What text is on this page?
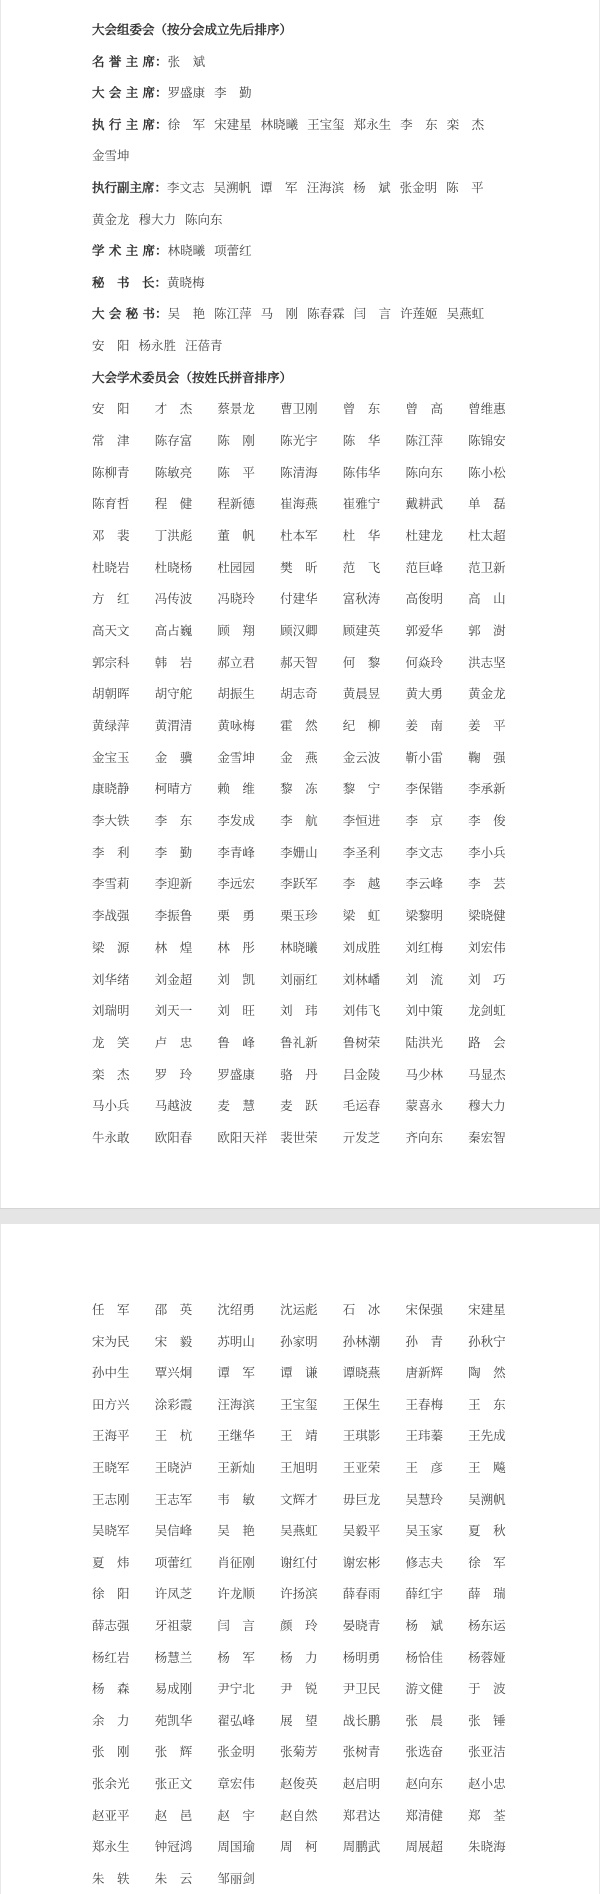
大会组委会（按分会成立先后排序）
名 誉 主 席：张　斌
大 会 主 席：罗盛康 李　勤
执 行 主 席：徐　军 宋建星 林晓曦 王宝玺 郑永生 李　东 栾　杰
金雪坤
执行副主席：李文志 吴溯帆 谭　军 汪海滨 杨　斌 张金明 陈　平
黄金龙 穆大力 陈向东
学 术 主 席：林晓曦 项蕾红
秘　书　长：黄晓梅
大 会 秘 书：吴　艳 陈江萍 马　刚 陈春霖 闫　言 许莲姬 吴燕虹
安　阳 杨永胜 汪蓓青
大会学术委员会（按姓氏拼音排序）
安　阳	才　杰	蔡景龙	曹卫刚	曾　东	曾　高	曾维惠
常　津	陈存富	陈　刚	陈光宇	陈　华	陈江萍	陈锦安
陈柳青	陈敏亮	陈　平	陈清海	陈伟华	陈向东	陈小松
陈育哲	程　健	程新德	崔海燕	崔雅宁	戴耕武	单　磊
邓　裴	丁洪彪	董　帆	杜本军	杜　华	杜建龙	杜太超
杜晓岩	杜晓杨	杜园园	樊　昕	范　飞	范巨峰	范卫新
方　红	冯传波	冯晓玲	付建华	富秋涛	高俊明	高　山
高天文	高占巍	顾　翔	顾汉卿	顾建英	郭爱华	郭　澍
郭宗科	韩　岩	郝立君	郝天智	何　黎	何焱玲	洪志坚
胡朝晖	胡守舵	胡振生	胡志奇	黄晨昱	黄大勇	黄金龙
黄绿萍	黄渭清	黄咏梅	霍　然	纪　柳	姜　南	姜　平
金宝玉	金　骥	金雪坤	金　燕	金云波	靳小雷	鞠　强
康晓静	柯晴方	赖　维	黎　冻	黎　宁	李保锴	李承新
李大铁	李　东	李发成	李　航	李恒进	李　京	李　俊
李　利	李　勤	李青峰	李姗山	李圣利	李文志	李小兵
李雪莉	李迎新	李远宏	李跃军	李　越	李云峰	李　芸
李战强	李振鲁	栗　勇	栗玉珍	梁　虹	梁黎明	梁晓健
梁　源	林　煌	林　彤	林晓曦	刘成胜	刘红梅	刘宏伟
刘华绪	刘金超	刘　凯	刘丽红	刘林嶓	刘　流	刘　巧
刘瑞明	刘天一	刘　旺	刘　玮	刘伟飞	刘中策	龙剑虹
龙　笑	卢　忠	鲁　峰	鲁礼新	鲁树荣	陆洪光	路　会
栾　杰	罗　玲	罗盛康	骆　丹	吕金陵	马少林	马显杰
马小兵	马越波	麦　慧	麦　跃	毛运春	蒙喜永	穆大力
牛永敢	欧阳春	欧阳天祥	裴世荣	亓发芝	齐向东	秦宏智
任　军	邵　英	沈绍勇	沈运彪	石　冰	宋保强	宋建星
宋为民	宋　毅	苏明山	孙家明	孙林潮	孙　青	孙秋宁
孙中生	覃兴炯	谭　军	谭　谦	谭晓燕	唐新辉	陶　然
田方兴	涂彩霞	汪海滨	王宝玺	王保生	王春梅	王　东
王海平	王　杭	王继华	王　靖	王琪影	王玮蓁	王先成
王晓军	王晓泸	王新灿	王旭明	王亚荣	王　彦	王　飚
王志刚	王志军	韦　敏	文辉才	毋巨龙	吴慧玲	吴溯帆
吴晓军	吴信峰	吴　艳	吴燕虹	吴毅平	吴玉家	夏　秋
夏　炜	项蕾红	肖征刚	谢红付	谢宏彬	修志夫	徐　军
徐　阳	许凤芝	许龙顺	许扬滨	薛春雨	薛红宇	薛　瑞
薛志强	牙祖蒙	闫　言	颜　玲	晏晓青	杨　斌	杨东运
杨红岩	杨慧兰	杨　军	杨　力	杨明勇	杨恰佳	杨蓉娅
杨　森	易成刚	尹宁北	尹　锐	尹卫民	游文健	于　波
余　力	苑凯华	翟弘峰	展　望	战长鹏	张　晨	张　锤
张　刚	张　辉	张金明	张菊芳	张树青	张选奋	张亚洁
张余光	张正文	章宏伟	赵俊英	赵启明	赵向东	赵小忠
赵亚平	赵　邑	赵　宇	赵自然	郑君达	郑清健	郑　荃
郑永生	钟冠鸿	周国瑜	周　柯	周鹏武	周展超	朱晓海
朱　轶	朱　云	邹丽剑
